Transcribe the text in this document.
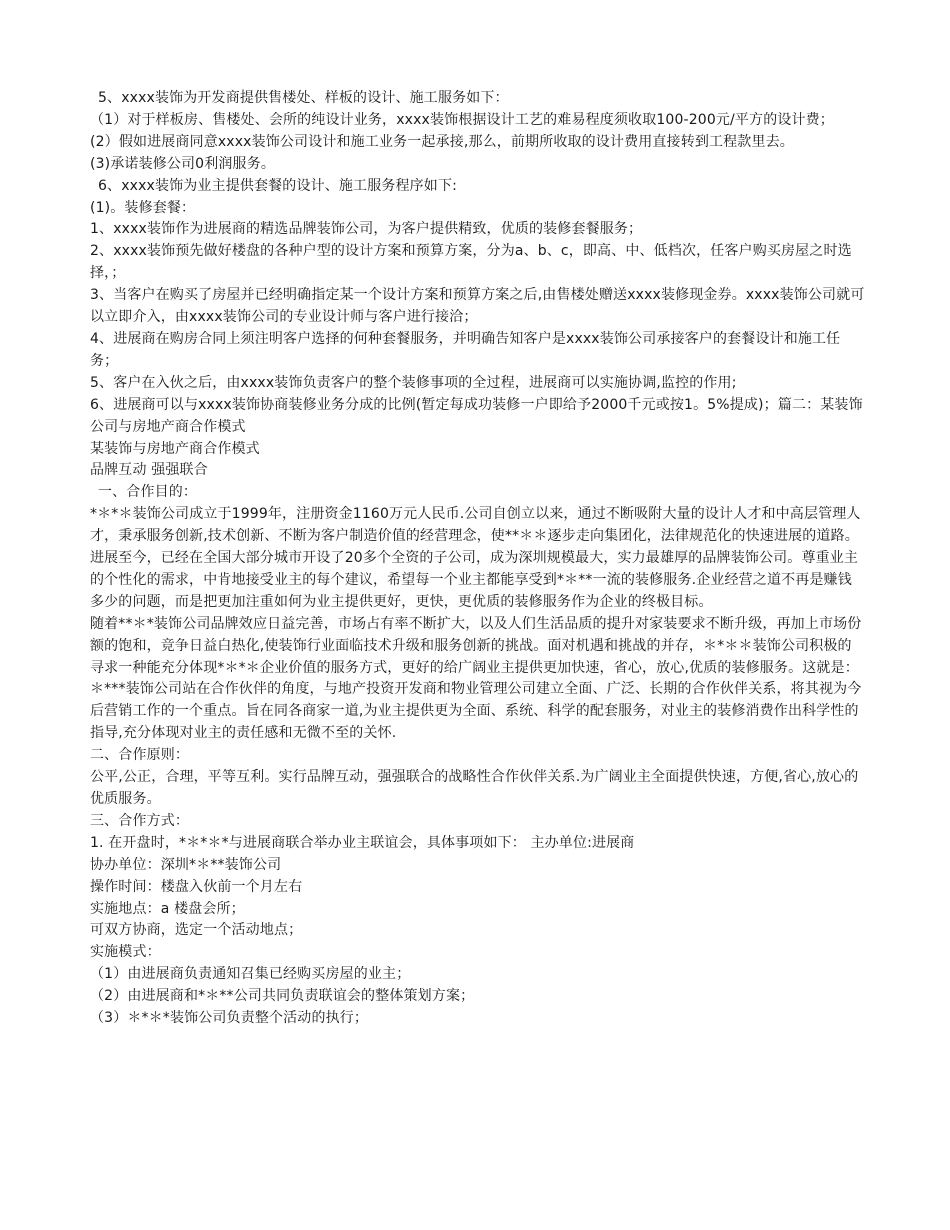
5、xxxx装饰为开发商提供售楼处、样板的设计、施工服务如下：

（1）对于样板房、售楼处、会所的纯设计业务，xxxx装饰根据设计工艺的难易程度须收取100-200元/平方的设计费；

(2）假如进展商同意xxxx装饰公司设计和施工业务一起承接,那么，前期所收取的设计费用直接转到工程款里去。

(3)承诺装修公司0利润服务。

6、xxxx装饰为业主提供套餐的设计、施工服务程序如下:

(1)。装修套餐：

1、xxxx装饰作为进展商的精选品牌装饰公司，为客户提供精致，优质的装修套餐服务；

2、xxxx装饰预先做好楼盘的各种户型的设计方案和预算方案，分为a、b、c，即高、中、低档次，任客户购买房屋之时选择，；

3、当客户在购买了房屋并已经明确指定某一个设计方案和预算方案之后,由售楼处赠送xxxx装修现金券。xxxx装饰公司就可以立即介入，由xxxx装饰公司的专业设计师与客户进行接洽；

4、进展商在购房合同上须注明客户选择的何种套餐服务，并明确告知客户是xxxx装饰公司承接客户的套餐设计和施工任务；

5、客户在入伙之后，由xxxx装饰负责客户的整个装修事项的全过程，进展商可以实施协调,监控的作用;

6、进展商可以与xxxx装饰协商装修业务分成的比例(暂定每成功装修一户即给予2000千元或按1。5%提成)；篇二：某装饰公司与房地产商合作模式

某装饰与房地产商合作模式

品牌互动 强强联合

一、合作目的：

*＊*＊装饰公司成立于1999年，注册资金1160万元人民币.公司自创立以来，通过不断吸附大量的设计人才和中高层管理人才，秉承服务创新,技术创新、不断为客户制造价值的经营理念，使**＊＊逐步走向集团化，法律规范化的快速进展的道路。进展至今，已经在全国大部分城市开设了20多个全资的子公司，成为深圳规模最大，实力最雄厚的品牌装饰公司。尊重业主的个性化的需求，中肯地接受业主的每个建议，希望每一个业主都能享受到*＊**一流的装修服务.企业经营之道不再是赚钱多少的问题，而是把更加注重如何为业主提供更好，更快，更优质的装修服务作为企业的终极目标。

随着**＊*装饰公司品牌效应日益完善，市场占有率不断扩大，以及人们生活品质的提升对家装要求不断升级，再加上市场份额的饱和，竞争日益白热化,使装饰行业面临技术升级和服务创新的挑战。面对机遇和挑战的并存，＊*＊＊装饰公司积极的寻求一种能充分体现*＊*＊企业价值的服务方式，更好的给广阔业主提供更加快速，省心，放心,优质的装修服务。这就是：＊***装饰公司站在合作伙伴的角度，与地产投资开发商和物业管理公司建立全面、广泛、长期的合作伙伴关系，将其视为今后营销工作的一个重点。旨在同各商家一道,为业主提供更为全面、系统、科学的配套服务，对业主的装修消费作出科学性的指导,充分体现对业主的责任感和无微不至的关怀.

二、合作原则：

公平,公正，合理，平等互利。实行品牌互动，强强联合的战略性合作伙伴关系.为广阔业主全面提供快速，方便,省心,放心的优质服务。

三、合作方式：

1. 在开盘时，*＊*＊*与进展商联合举办业主联谊会，具体事项如下： 主办单位:进展商

协办单位：深圳*＊**装饰公司

操作时间：楼盘入伙前一个月左右

实施地点：a 楼盘会所；

可双方协商，选定一个活动地点；

实施模式：

（1）由进展商负责通知召集已经购买房屋的业主；

（2）由进展商和*＊**公司共同负责联谊会的整体策划方案；

（3）＊*＊*装饰公司负责整个活动的执行；
